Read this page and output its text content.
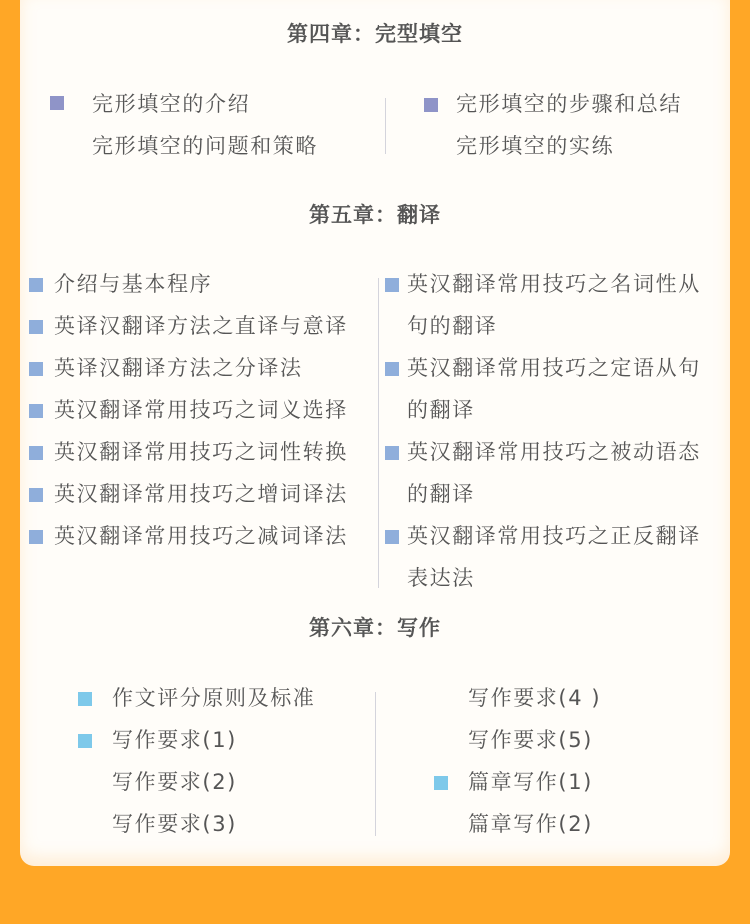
第四章：完型填空
完形填空的介绍
完形填空的问题和策略
完形填空的步骤和总结
完形填空的实练
第五章：翻译
介绍与基本程序
英译汉翻译方法之直译与意译
英译汉翻译方法之分译法
英汉翻译常用技巧之词义选择
英汉翻译常用技巧之词性转换
英汉翻译常用技巧之增词译法
英汉翻译常用技巧之减词译法
英汉翻译常用技巧之名词性从
句的翻译
英汉翻译常用技巧之定语从句
的翻译
英汉翻译常用技巧之被动语态
的翻译
英汉翻译常用技巧之正反翻译
表达法
第六章：写作
作文评分原则及标准
写作要求(1)
写作要求(2)
写作要求(3)
写作要求(4 )
写作要求(5)
篇章写作(1)
篇章写作(2)
